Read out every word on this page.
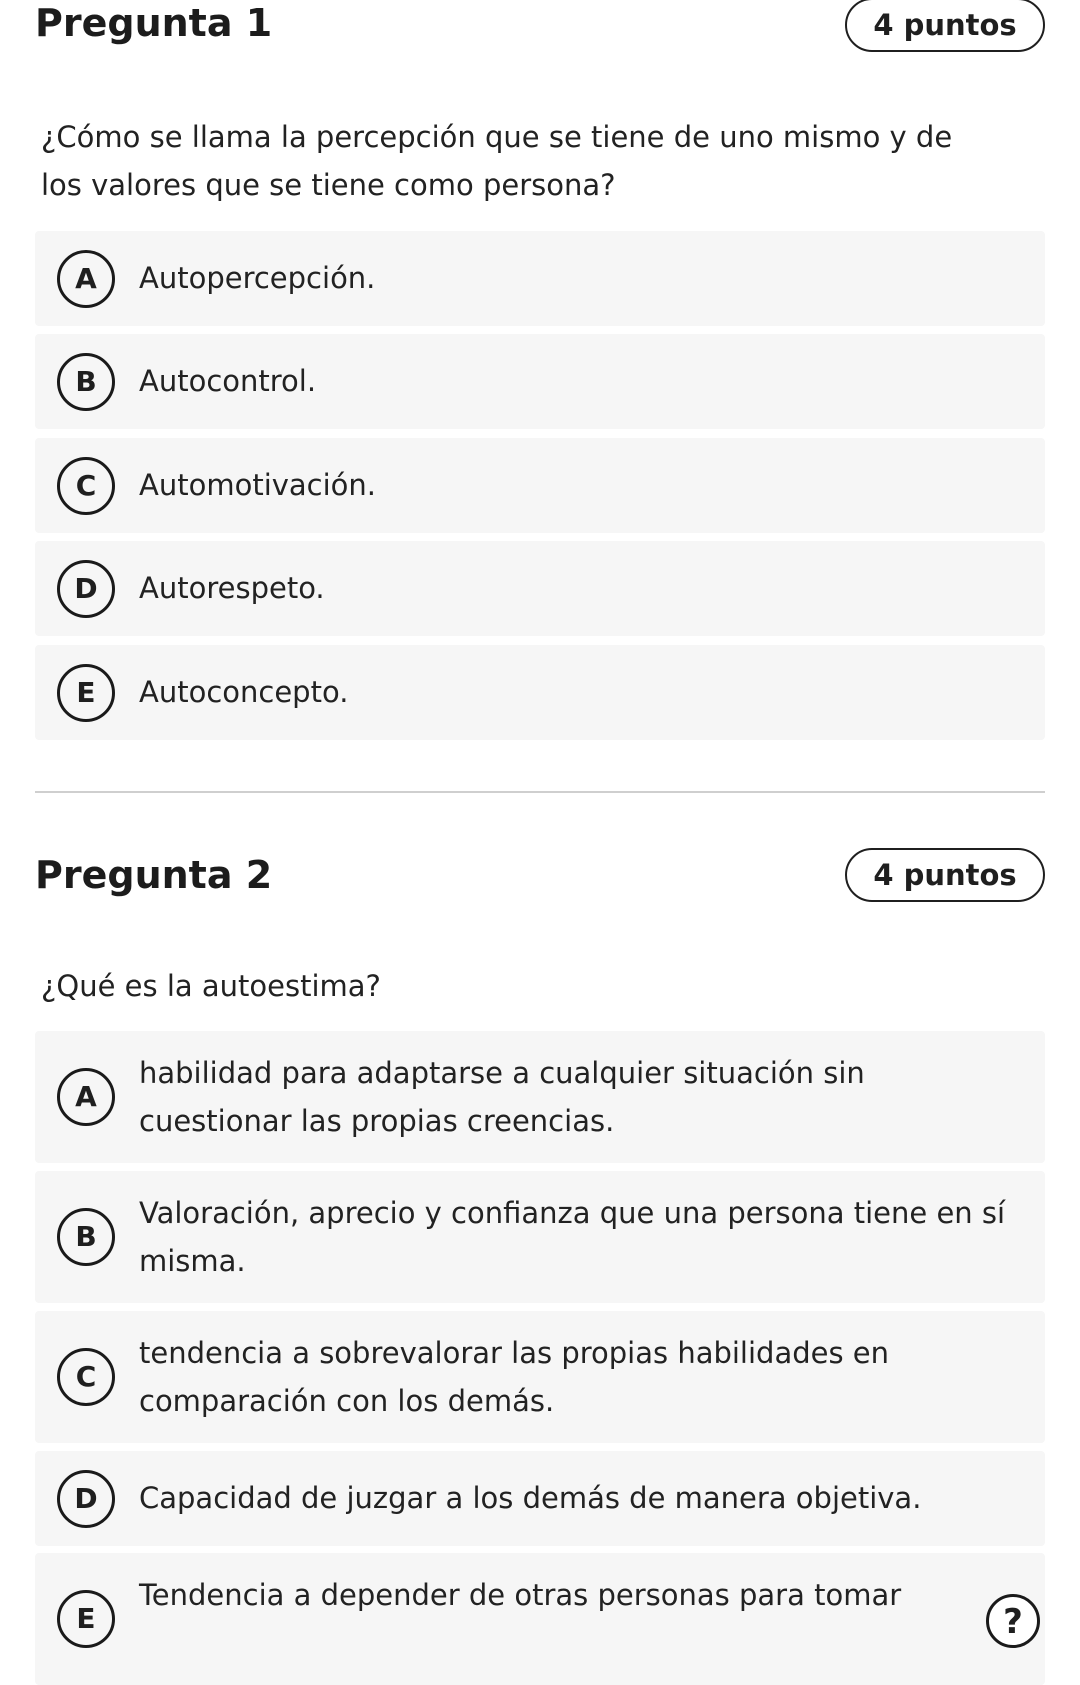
Pregunta 1	4 puntos
¿Cómo se llama la percepción que se tiene de uno mismo y de los valores que se tiene como persona?
A	Autopercepción.
B	Autocontrol.
C	Automotivación.
D	Autorespeto.
E	Autoconcepto.
Pregunta 2	4 puntos
¿Qué es la autoestima?
A
habilidad para adaptarse a cualquier situación sin cuestionar las propias creencias.
B
Valoración, aprecio y confianza que una persona tiene en sí misma.
C
tendencia a sobrevalorar las propias habilidades en comparación con los demás.
D	Capacidad de juzgar a los demás de manera objetiva.
E
Tendencia a depender de otras personas para tomar
?
